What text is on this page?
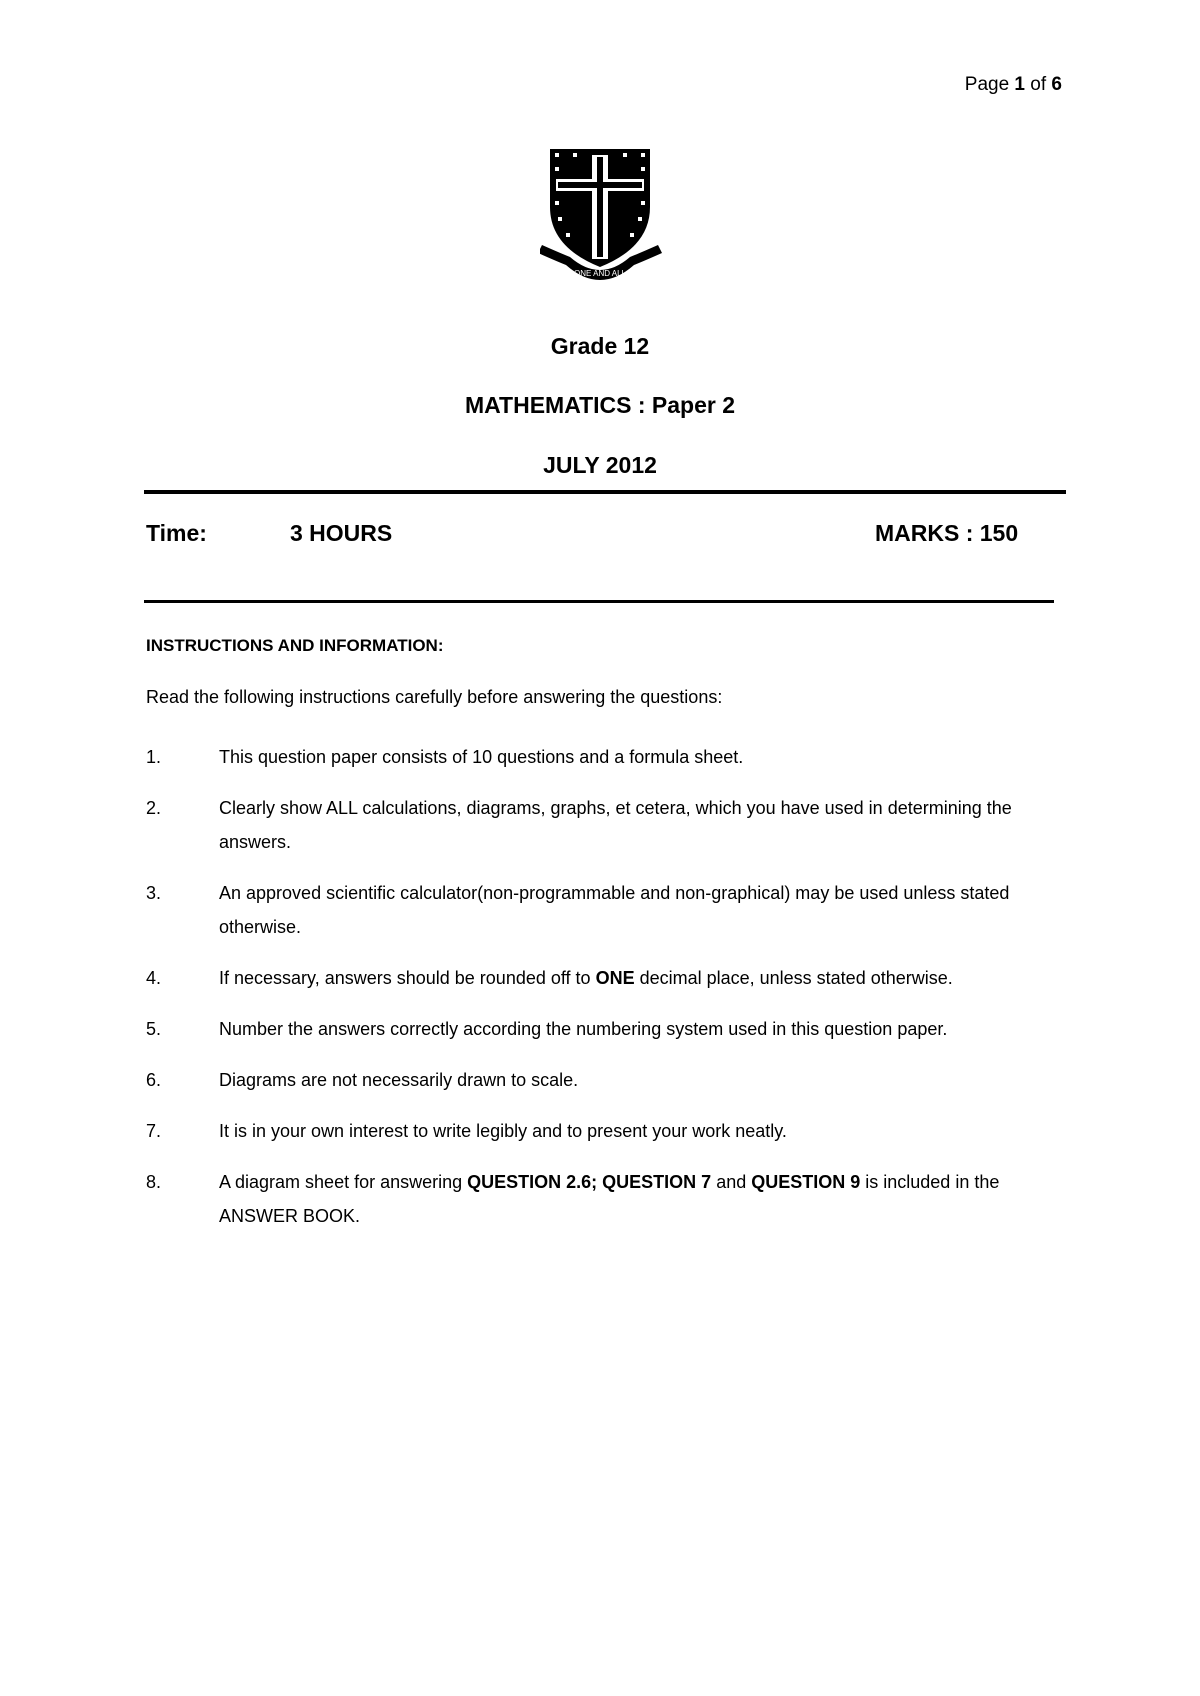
Page 1 of 6
ONE AND ALL
Grade 12
MATHEMATICS : Paper 2
JULY 2012
Time:	3 HOURS	MARKS : 150
INSTRUCTIONS AND INFORMATION:
Read the following instructions carefully before answering the questions:
1.	This question paper consists of 10 questions and a formula sheet.
2.	Clearly show ALL calculations, diagrams, graphs, et cetera, which you have used in determining the answers.
3.	An approved scientific calculator(non-programmable and non-graphical) may be used unless stated otherwise.
4.	If necessary, answers should be rounded off to ONE decimal place, unless stated otherwise.
5.	Number the answers correctly according the numbering system used in this question paper.
6.	Diagrams are not necessarily drawn to scale.
7.	It is in your own interest to write legibly and to present your work neatly.
8.	A diagram sheet for answering QUESTION 2.6; QUESTION 7 and QUESTION 9 is included in the ANSWER BOOK.
